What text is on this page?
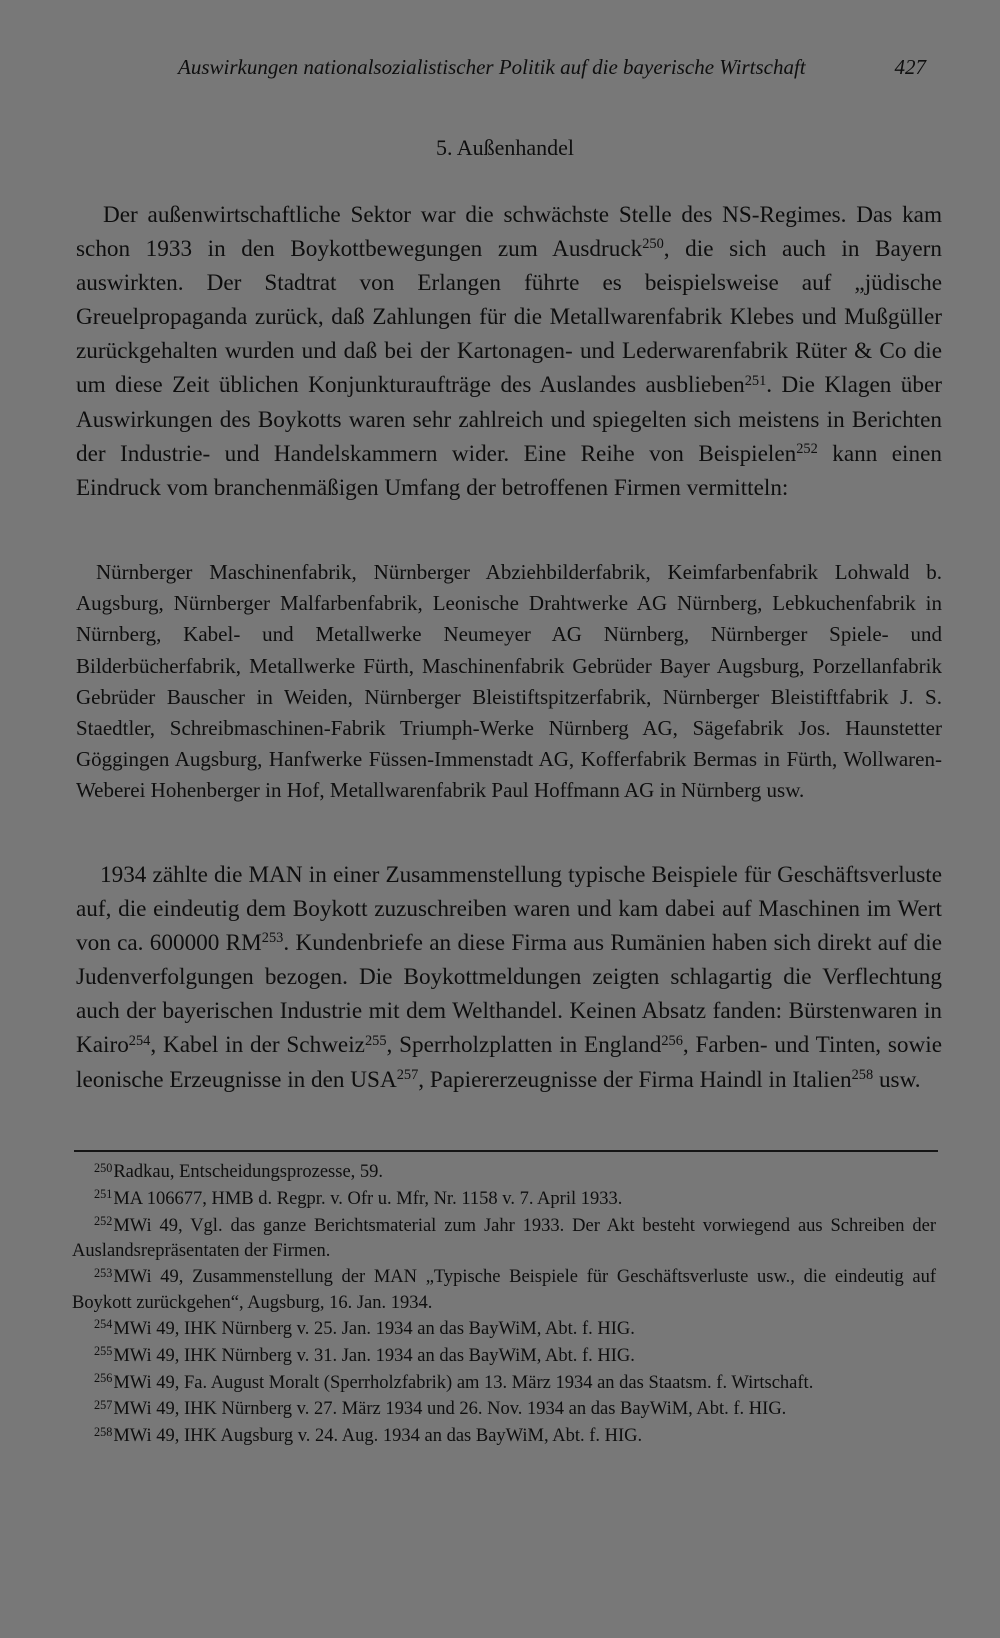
Auswirkungen nationalsozialistischer Politik auf die bayerische Wirtschaft	427
5. Außenhandel

Der außenwirtschaftliche Sektor war die schwächste Stelle des NS-Regimes. Das kam schon 1933 in den Boykottbewegungen zum Ausdruck$^{250}$, die sich auch in Bayern auswirkten. Der Stadtrat von Erlangen führte es beispielsweise auf „jüdische Greuelpropaganda zurück, daß Zahlungen für die Metallwarenfabrik Klebes und Mußgüller zurückgehalten wurden und daß bei der Kartonagen- und Lederwarenfabrik Rüter & Co die um diese Zeit üblichen Konjunkturaufträge des Auslandes ausblieben$^{251}$. Die Klagen über Auswirkungen des Boykotts waren sehr zahlreich und spiegelten sich meistens in Berichten der Industrie- und Handelskammern wider. Eine Reihe von Beispielen$^{252}$ kann einen Eindruck vom branchenmäßigen Umfang der betroffenen Firmen vermitteln:

Nürnberger Maschinenfabrik, Nürnberger Abziehbilderfabrik, Keimfarbenfabrik Lohwald b. Augsburg, Nürnberger Malfarbenfabrik, Leonische Drahtwerke AG Nürnberg, Lebkuchenfabrik in Nürnberg, Kabel- und Metallwerke Neumeyer AG Nürnberg, Nürnberger Spiele- und Bilderbücherfabrik, Metallwerke Fürth, Maschinenfabrik Gebrüder Bayer Augsburg, Porzellanfabrik Gebrüder Bauscher in Weiden, Nürnberger Bleistiftspitzerfabrik, Nürnberger Bleistiftfabrik J. S. Staedtler, Schreibmaschinen-Fabrik Triumph-Werke Nürnberg AG, Sägefabrik Jos. Haunstetter Göggingen Augsburg, Hanfwerke Füssen-Immenstadt AG, Kofferfabrik Bermas in Fürth, Wollwaren-Weberei Hohenberger in Hof, Metallwarenfabrik Paul Hoffmann AG in Nürnberg usw.

1934 zählte die MAN in einer Zusammenstellung typische Beispiele für Geschäftsverluste auf, die eindeutig dem Boykott zuzuschreiben waren und kam dabei auf Maschinen im Wert von ca. 600000 RM$^{253}$. Kundenbriefe an diese Firma aus Rumänien haben sich direkt auf die Judenverfolgungen bezogen. Die Boykottmeldungen zeigten schlagartig die Verflechtung auch der bayerischen Industrie mit dem Welthandel. Keinen Absatz fanden: Bürstenwaren in Kairo$^{254}$, Kabel in der Schweiz$^{255}$, Sperrholzplatten in England$^{256}$, Farben- und Tinten, sowie leonische Erzeugnisse in den USA$^{257}$, Papiererzeugnisse der Firma Haindl in Italien$^{258}$ usw.

$^{250}$Radkau, Entscheidungsprozesse, 59.

$^{251}$MA 106677, HMB d. Regpr. v. Ofr u. Mfr, Nr. 1158 v. 7. April 1933.

$^{252}$MWi 49, Vgl. das ganze Berichtsmaterial zum Jahr 1933. Der Akt besteht vorwiegend aus Schreiben der Auslandsrepräsentaten der Firmen.

$^{253}$MWi 49, Zusammenstellung der MAN „Typische Beispiele für Geschäftsverluste usw., die eindeutig auf Boykott zurückgehen“, Augsburg, 16. Jan. 1934.

$^{254}$MWi 49, IHK Nürnberg v. 25. Jan. 1934 an das BayWiM, Abt. f. HIG.

$^{255}$MWi 49, IHK Nürnberg v. 31. Jan. 1934 an das BayWiM, Abt. f. HIG.

$^{256}$MWi 49, Fa. August Moralt (Sperrholzfabrik) am 13. März 1934 an das Staatsm. f. Wirtschaft.

$^{257}$MWi 49, IHK Nürnberg v. 27. März 1934 und 26. Nov. 1934 an das BayWiM, Abt. f. HIG.

$^{258}$MWi 49, IHK Augsburg v. 24. Aug. 1934 an das BayWiM, Abt. f. HIG.
